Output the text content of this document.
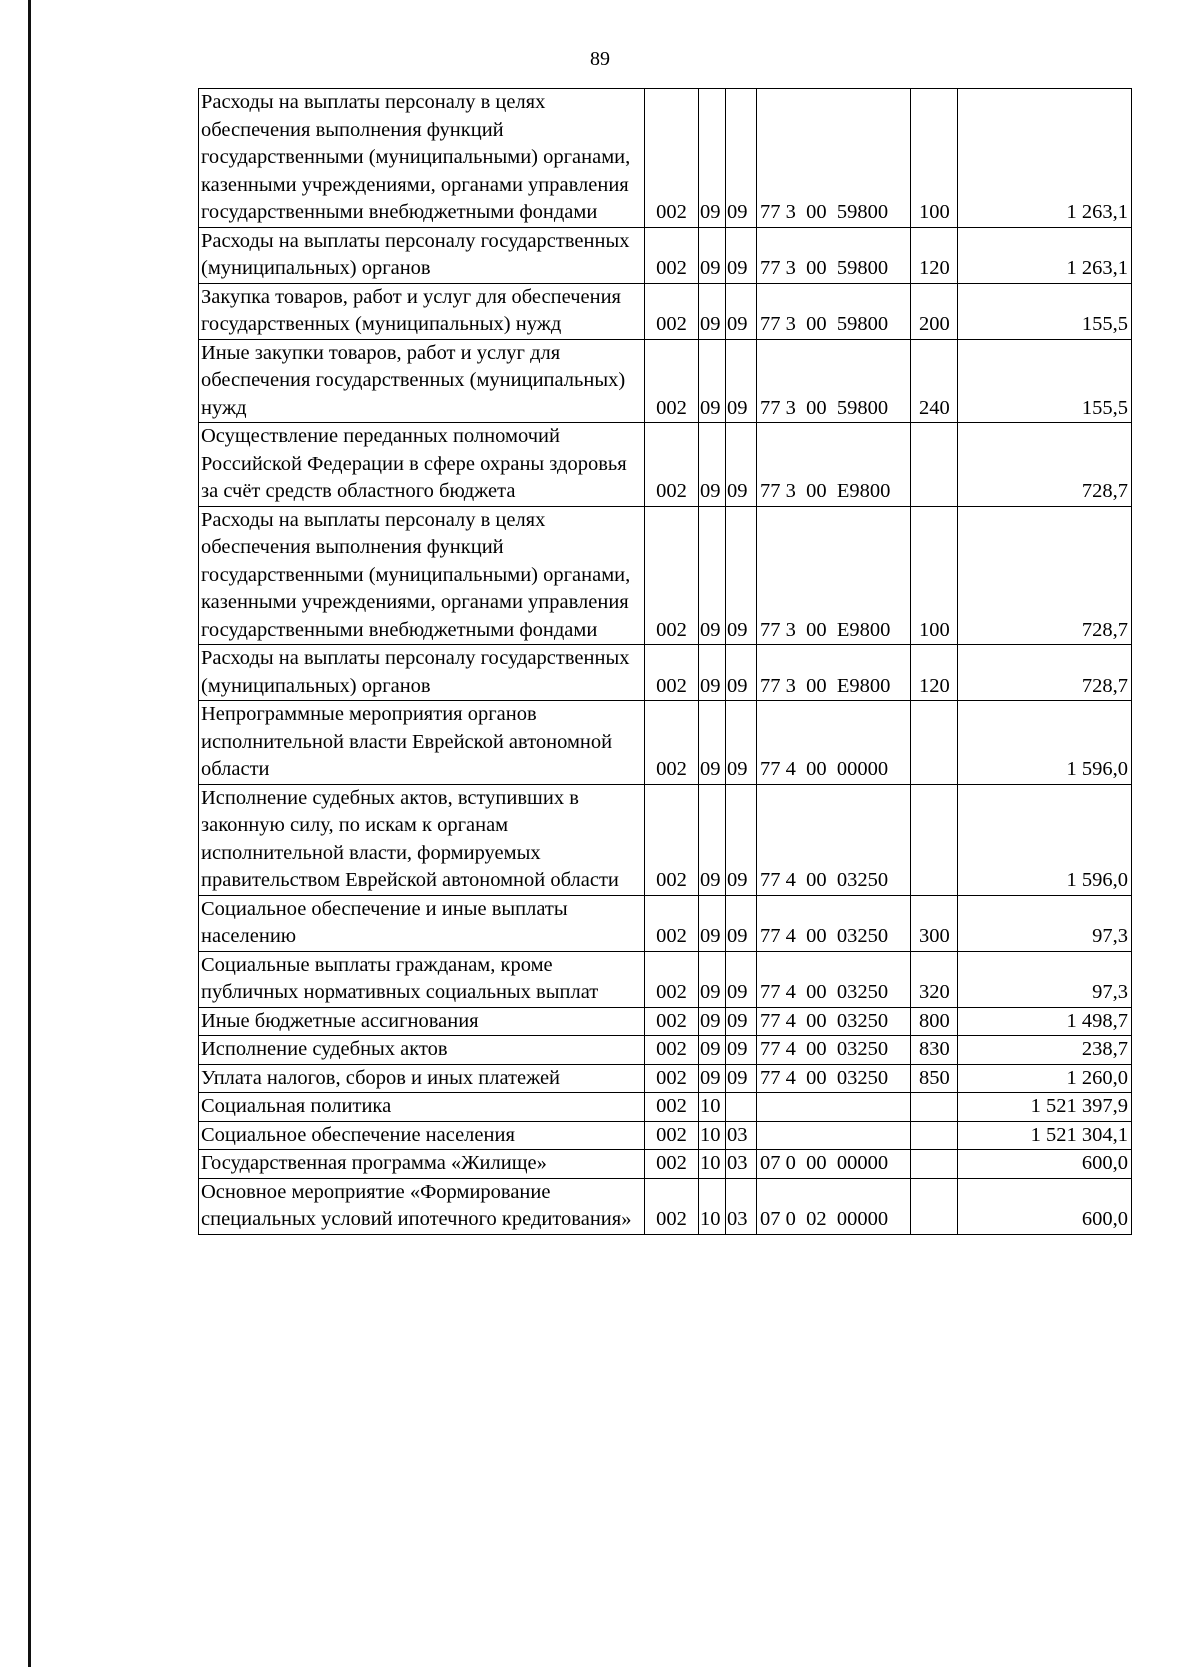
89
Расходы на выплаты персоналу в целях обеспечения выполнения функций государственными (муниципальными) органами, казенными учреждениями, органами управления государственными внебюджетными фондами	002	09	09	77 3  00  59800	100	1 263,1
Расходы на выплаты персоналу государственных (муниципальных) органов	002	09	09	77 3  00  59800	120	1 263,1
Закупка товаров, работ и услуг для обеспечения государственных (муниципальных) нужд	002	09	09	77 3  00  59800	200	155,5
Иные закупки товаров, работ и услуг для обеспечения государственных (муниципальных) нужд	002	09	09	77 3  00  59800	240	155,5
Осуществление переданных полномочий Российской Федерации в сфере охраны здоровья за счёт средств областного бюджета	002	09	09	77 3  00  E9800		728,7
Расходы на выплаты персоналу в целях обеспечения выполнения функций государственными (муниципальными) органами, казенными учреждениями, органами управления государственными внебюджетными фондами	002	09	09	77 3  00  E9800	100	728,7
Расходы на выплаты персоналу государственных (муниципальных) органов	002	09	09	77 3  00  E9800	120	728,7
Непрограммные мероприятия органов исполнительной власти Еврейской автономной области	002	09	09	77 4  00  00000		1 596,0
Исполнение судебных актов, вступивших в законную силу, по искам к органам исполнительной власти, формируемых правительством Еврейской автономной области	002	09	09	77 4  00  03250		1 596,0
Социальное обеспечение и иные выплаты населению	002	09	09	77 4  00  03250	300	97,3
Социальные выплаты гражданам, кроме публичных нормативных социальных выплат	002	09	09	77 4  00  03250	320	97,3
Иные бюджетные ассигнования	002	09	09	77 4  00  03250	800	1 498,7
Исполнение судебных актов	002	09	09	77 4  00  03250	830	238,7
Уплата налогов, сборов и иных платежей	002	09	09	77 4  00  03250	850	1 260,0
Социальная политика	002	10				1 521 397,9
Социальное обеспечение населения	002	10	03			1 521 304,1
Государственная программа «Жилище»	002	10	03	07 0  00  00000		600,0
Основное мероприятие «Формирование специальных условий ипотечного кредитования»	002	10	03	07 0  02  00000		600,0
